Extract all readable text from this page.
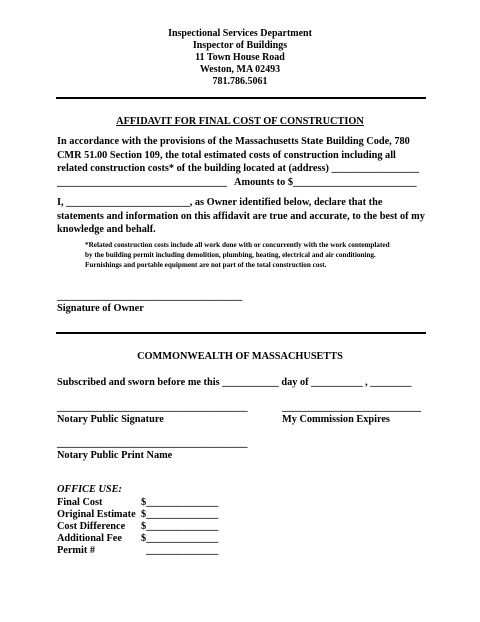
Inspectional Services Department
Inspector of Buildings
11 Town House Road
Weston, MA 02493
781.786.5061
AFFIDAVIT FOR FINAL COST OF CONSTRUCTION
In accordance with the provisions of the Massachusetts State Building Code, 780
CMR 51.00 Section 109, the total estimated costs of construction including all
related construction costs* of the building located at (address) _________________
_________________________________   Amounts to $________________________
I, ________________________, as Owner identified below, declare that the
statements and information on this affidavit are true and accurate, to the best of my
knowledge and behalf.
*Related construction costs include all work done with or concurrently with the work contemplated
by the building permit including demolition, plumbing, heating, electrical and air conditioning.
Furnishings and portable equipment are not part of the total construction cost.
____________________________________
Signature of Owner
COMMONWEALTH OF MASSACHUSETTS
Subscribed and sworn before me this ___________ day of __________ , ________
_____________________________________
Notary Public Signature
___________________________
My Commission Expires
_____________________________________
Notary Public Print Name
OFFICE USE:
Final Cost	$______________
Original Estimate $______________
Cost Difference $______________
Additional Fee $______________
Permit #	______________
